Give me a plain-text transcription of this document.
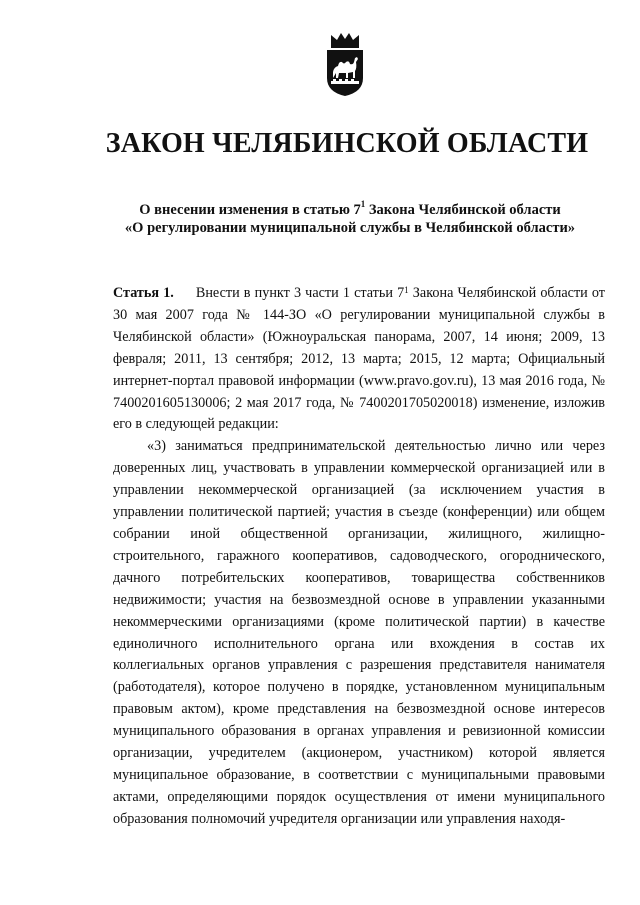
ЗАКОН ЧЕЛЯБИНСКОЙ ОБЛАСТИ
О внесении изменения в статью $7^1$ Закона Челябинской области
«О регулировании муниципальной службы в Челябинской области»

Статья 1. Внести в пункт 3 части 1 статьи $7^1$ Закона Челябинской области от 30 мая 2007 года № 144-ЗО «О регулировании муниципальной службы в Челябинской области» (Южноуральская панорама, 2007, 14 июня; 2009, 13 февраля; 2011, 13 сентября; 2012, 13 марта; 2015, 12 марта; Официальный интернет-портал правовой информации (www.pravo.gov.ru), 13 мая 2016 года, № 7400201605130006; 2 мая 2017 года, № 7400201705020018) изменение, изложив его в следующей редакции:

«3) заниматься предпринимательской деятельностью лично или через доверенных лиц, участвовать в управлении коммерческой организацией или в управлении некоммерческой организацией (за исключением участия в управлении политической партией; участия в съезде (конференции) или общем собрании иной общественной организации, жилищного, жилищно-строительного, гаражного кооперативов, садоводческого, огороднического, дачного потребительских кооперативов, товарищества собственников недвижимости; участия на безвозмездной основе в управлении указанными некоммерческими организациями (кроме политической партии) в качестве единоличного исполнительного органа или вхождения в состав их коллегиальных органов управления с разрешения представителя нанимателя (работодателя), которое получено в порядке, установленном муниципальным правовым актом), кроме представления на безвозмездной основе интересов муниципального образования в органах управления и ревизионной комиссии организации, учредителем (акционером, участником) которой является муниципальное образование, в соответствии с муниципальными правовыми актами, определяющими порядок осуществления от имени муниципального образования полномочий учредителя организации или управления находя-
